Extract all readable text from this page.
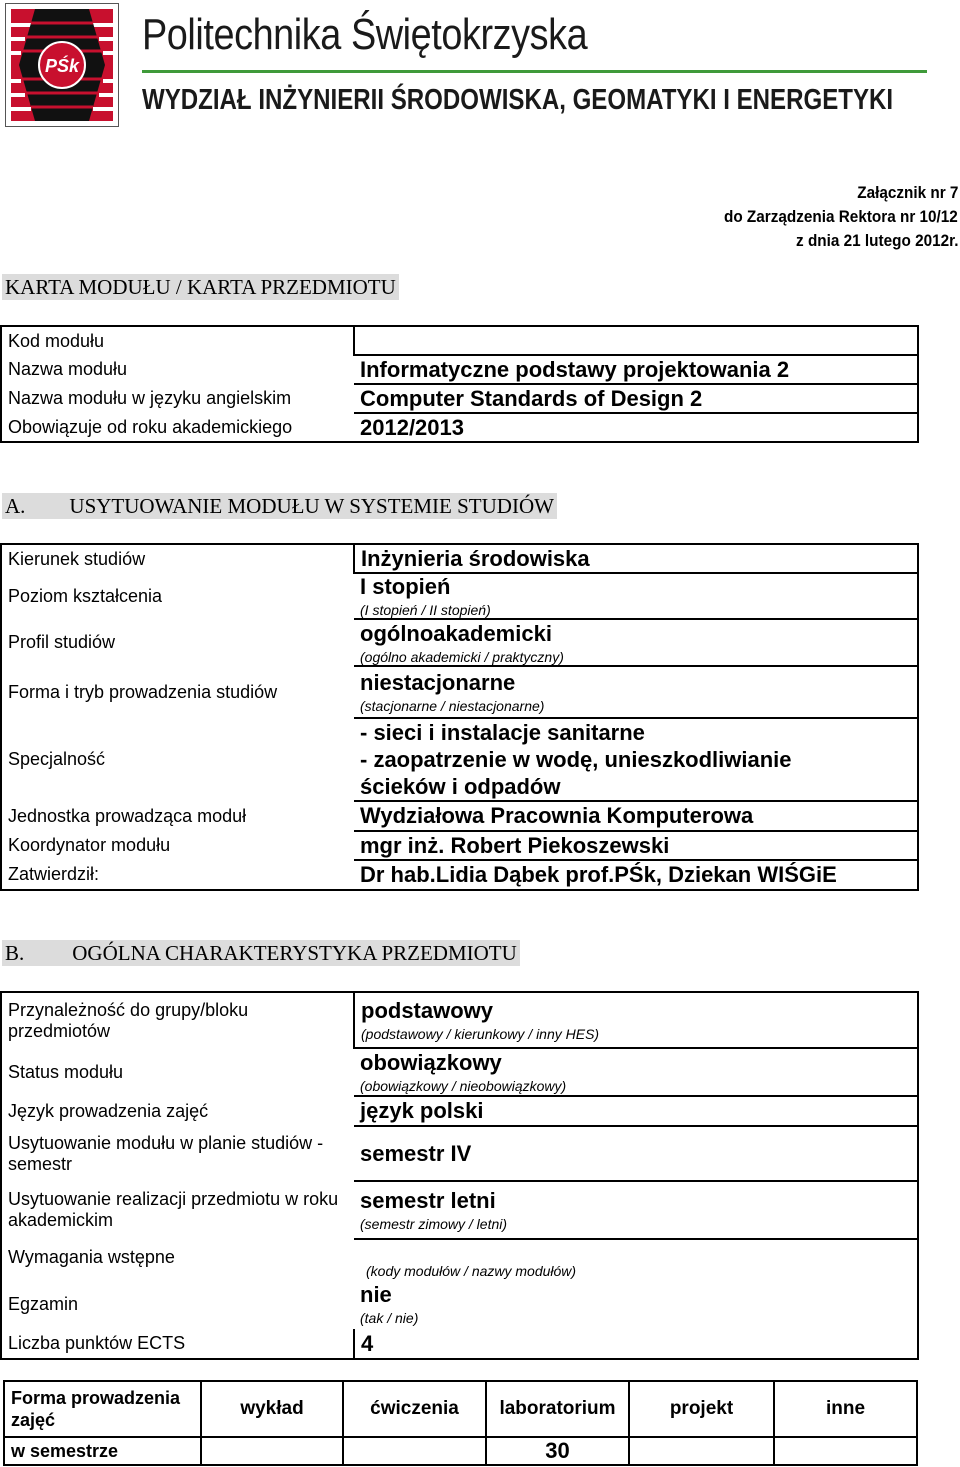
PŚk
Politechnika Świętokrzyska
WYDZIAŁ INŻYNIERII ŚRODOWISKA, GEOMATYKI I ENERGETYKI
Załącznik nr 7
do Zarządzenia Rektora nr 10/12
z dnia 21 lutego 2012r.
KARTA MODUŁU / KARTA PRZEDMIOTU
Kod modułu	
Nazwa modułu	Informatyczne podstawy projektowania 2
Nazwa modułu w języku angielskim	Computer Standards of Design 2
Obowiązuje od roku akademickiego	2012/2013
A. USYTUOWANIE MODUŁU W SYSTEMIE STUDIÓW
Kierunek studiów	Inżynieria środowiska
Poziom kształcenia	I stopień
(I stopień / II stopień)

Profil studiów	ogólnoakademicki
(ogólno akademicki / praktyczny)

Forma i tryb prowadzenia studiów	niestacjonarne
(stacjonarne / niestacjonarne)

Specjalność	- sieci i instalacje sanitarne
- zaopatrzenie w wodę, unieszkodliwianie
ścieków i odpadów

Jednostka prowadząca moduł	Wydziałowa Pracownia Komputerowa
Koordynator modułu	mgr inż. Robert Piekoszewski
Zatwierdził:	Dr hab.Lidia Dąbek prof.PŚk, Dziekan WIŚGiE
B. OGÓLNA CHARAKTERYSTYKA PRZEDMIOTU
Przynależność do grupy/bloku przedmiotów	podstawowy
(podstawowy / kierunkowy / inny HES)

Status modułu	obowiązkowy
(obowiązkowy / nieobowiązkowy)

Język prowadzenia zajęć	język polski
Usytuowanie modułu w planie studiów - semestr	semestr IV
Usytuowanie realizacji przedmiotu w roku akademickim	semestr letni
(semestr zimowy / letni)

Wymagania wstępne	(kody modułów / nazwy modułów)

Egzamin	nie
(tak / nie)

Liczba punktów ECTS	4
Forma prowadzenia zajęć	wykład	ćwiczenia	laboratorium	projekt	inne
w semestrze			30		
